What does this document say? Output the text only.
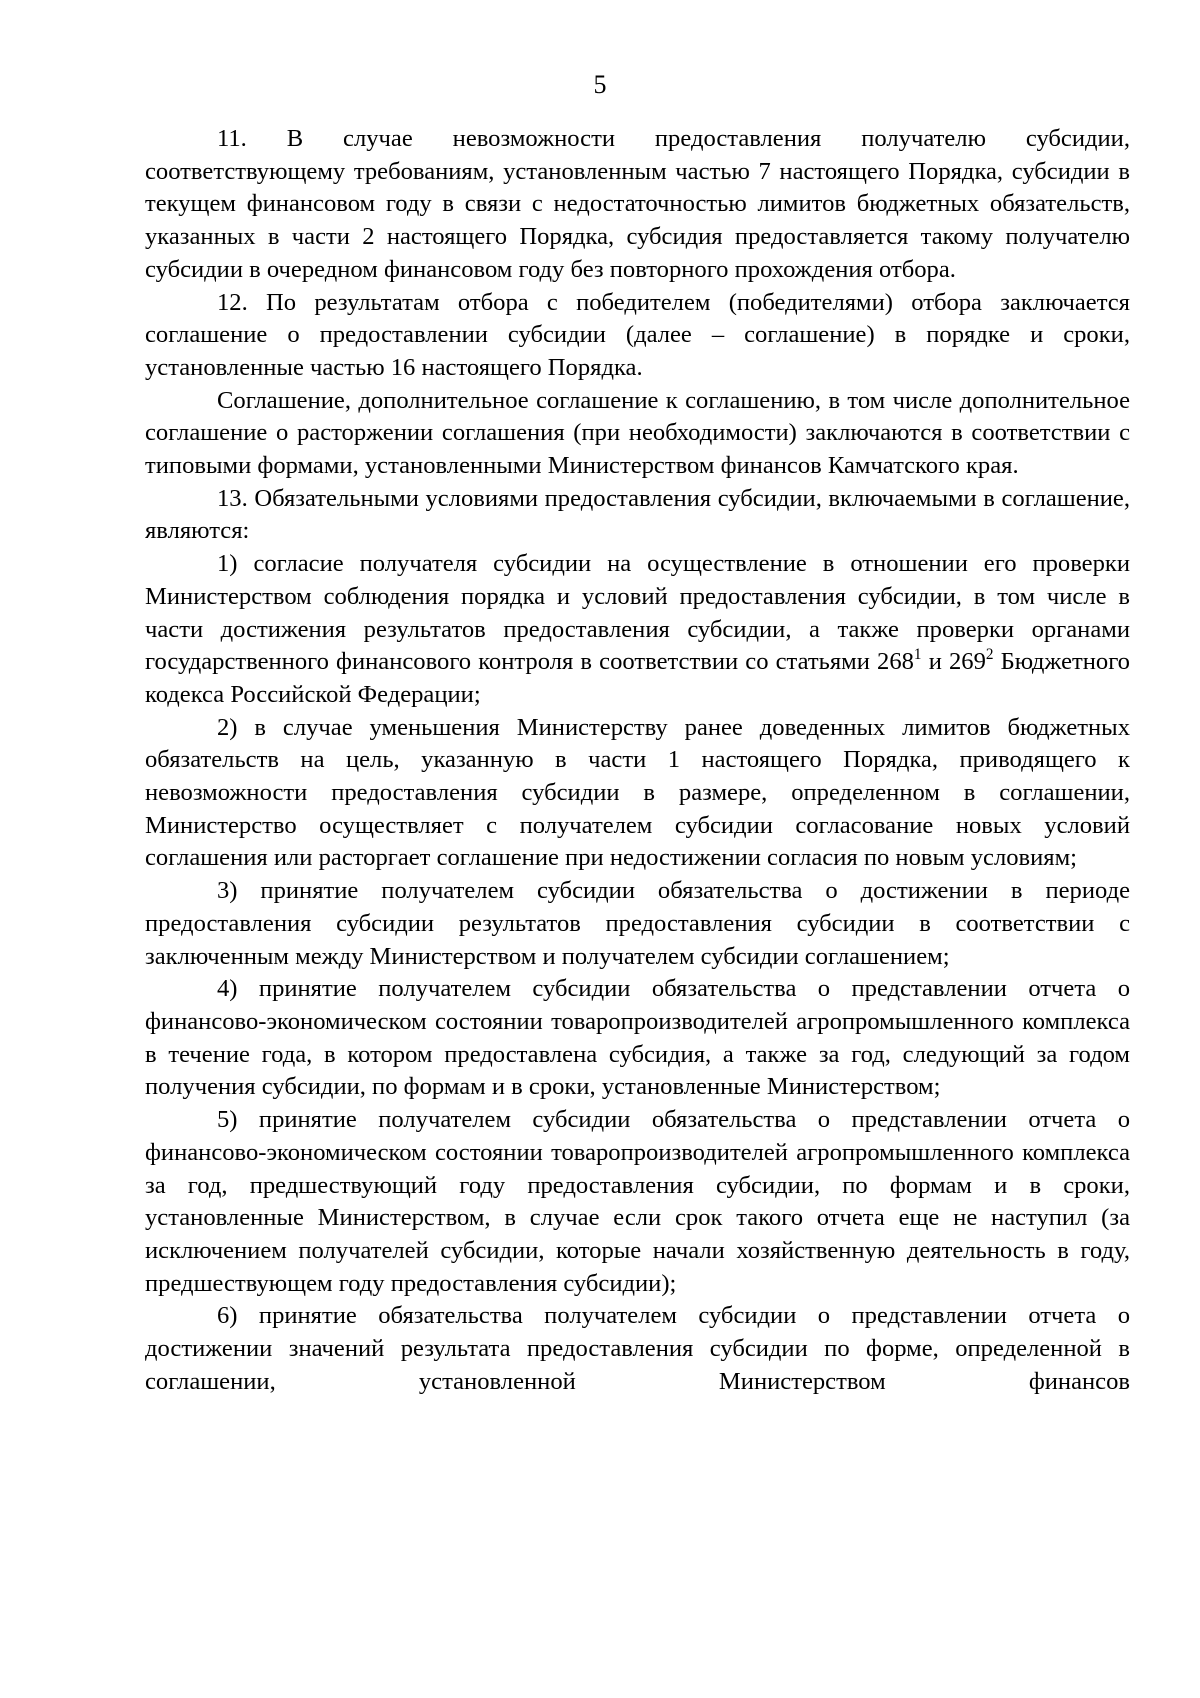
5

11. В случае невозможности предоставления получателю субсидии, соответствующему требованиям, установленным частью 7 настоящего Порядка, субсидии в текущем финансовом году в связи с недостаточностью лимитов бюджетных обязательств, указанных в части 2 настоящего Порядка, субсидия предоставляется такому получателю субсидии в очередном финансовом году без повторного прохождения отбора.

12. По результатам отбора с победителем (победителями) отбора заключается соглашение о предоставлении субсидии (далее – соглашение) в порядке и сроки, установленные частью 16 настоящего Порядка.

Соглашение, дополнительное соглашение к соглашению, в том числе дополнительное соглашение о расторжении соглашения (при необходимости) заключаются в соответствии с типовыми формами, установленными Министерством финансов Камчатского края.

13. Обязательными условиями предоставления субсидии, включаемыми в соглашение, являются:

1) согласие получателя субсидии на осуществление в отношении его проверки Министерством соблюдения порядка и условий предоставления субсидии, в том числе в части достижения результатов предоставления субсидии, а также проверки органами государственного финансового контроля в соответствии со статьями $268^1$ и $269^2$ Бюджетного кодекса Российской Федерации;

2) в случае уменьшения Министерству ранее доведенных лимитов бюджетных обязательств на цель, указанную в части 1 настоящего Порядка, приводящего к невозможности предоставления субсидии в размере, определенном в соглашении, Министерство осуществляет с получателем субсидии согласование новых условий соглашения или расторгает соглашение при недостижении согласия по новым условиям;

3) принятие получателем субсидии обязательства о достижении в периоде предоставления субсидии результатов предоставления субсидии в соответствии с заключенным между Министерством и получателем субсидии соглашением;

4) принятие получателем субсидии обязательства о представлении отчета о финансово-экономическом состоянии товаропроизводителей агропромышленного комплекса в течение года, в котором предоставлена субсидия, а также за год, следующий за годом получения субсидии, по формам и в сроки, установленные Министерством;

5) принятие получателем субсидии обязательства о представлении отчета о финансово-экономическом состоянии товаропроизводителей агропромышленного комплекса за год, предшествующий году предоставления субсидии, по формам и в сроки, установленные Министерством, в случае если срок такого отчета еще не наступил (за исключением получателей субсидии, которые начали хозяйственную деятельность в году, предшествующем году предоставления субсидии);

6) принятие обязательства получателем субсидии о представлении отчета о достижении значений результата предоставления субсидии по форме, определенной в соглашении, установленной Министерством финансов
